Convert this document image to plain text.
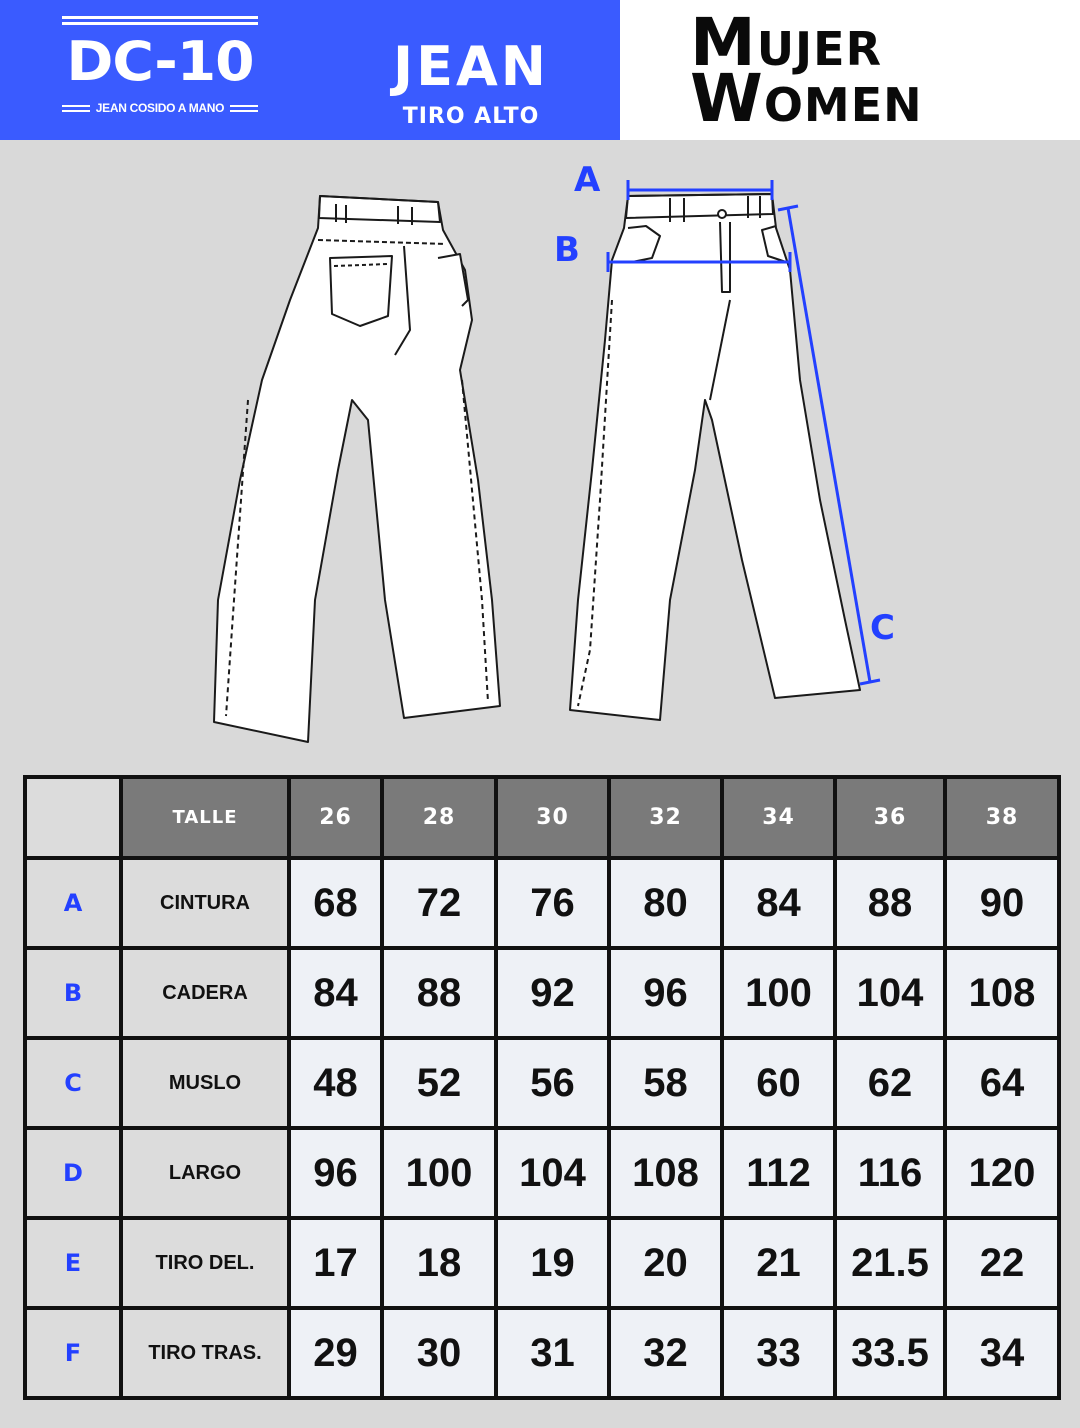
DC-10
JEAN COSIDO A MANO
JEAN
TIRO ALTO
MUJER
WOMEN
A
B
C
	TALLE	26	28	30	32	34	36	38
A	CINTURA	68	72	76	80	84	88	90
B	CADERA	84	88	92	96	100	104	108
C	MUSLO	48	52	56	58	60	62	64
D	LARGO	96	100	104	108	112	116	120
E	TIRO DEL.	17	18	19	20	21	21.5	22
F	TIRO TRAS.	29	30	31	32	33	33.5	34
